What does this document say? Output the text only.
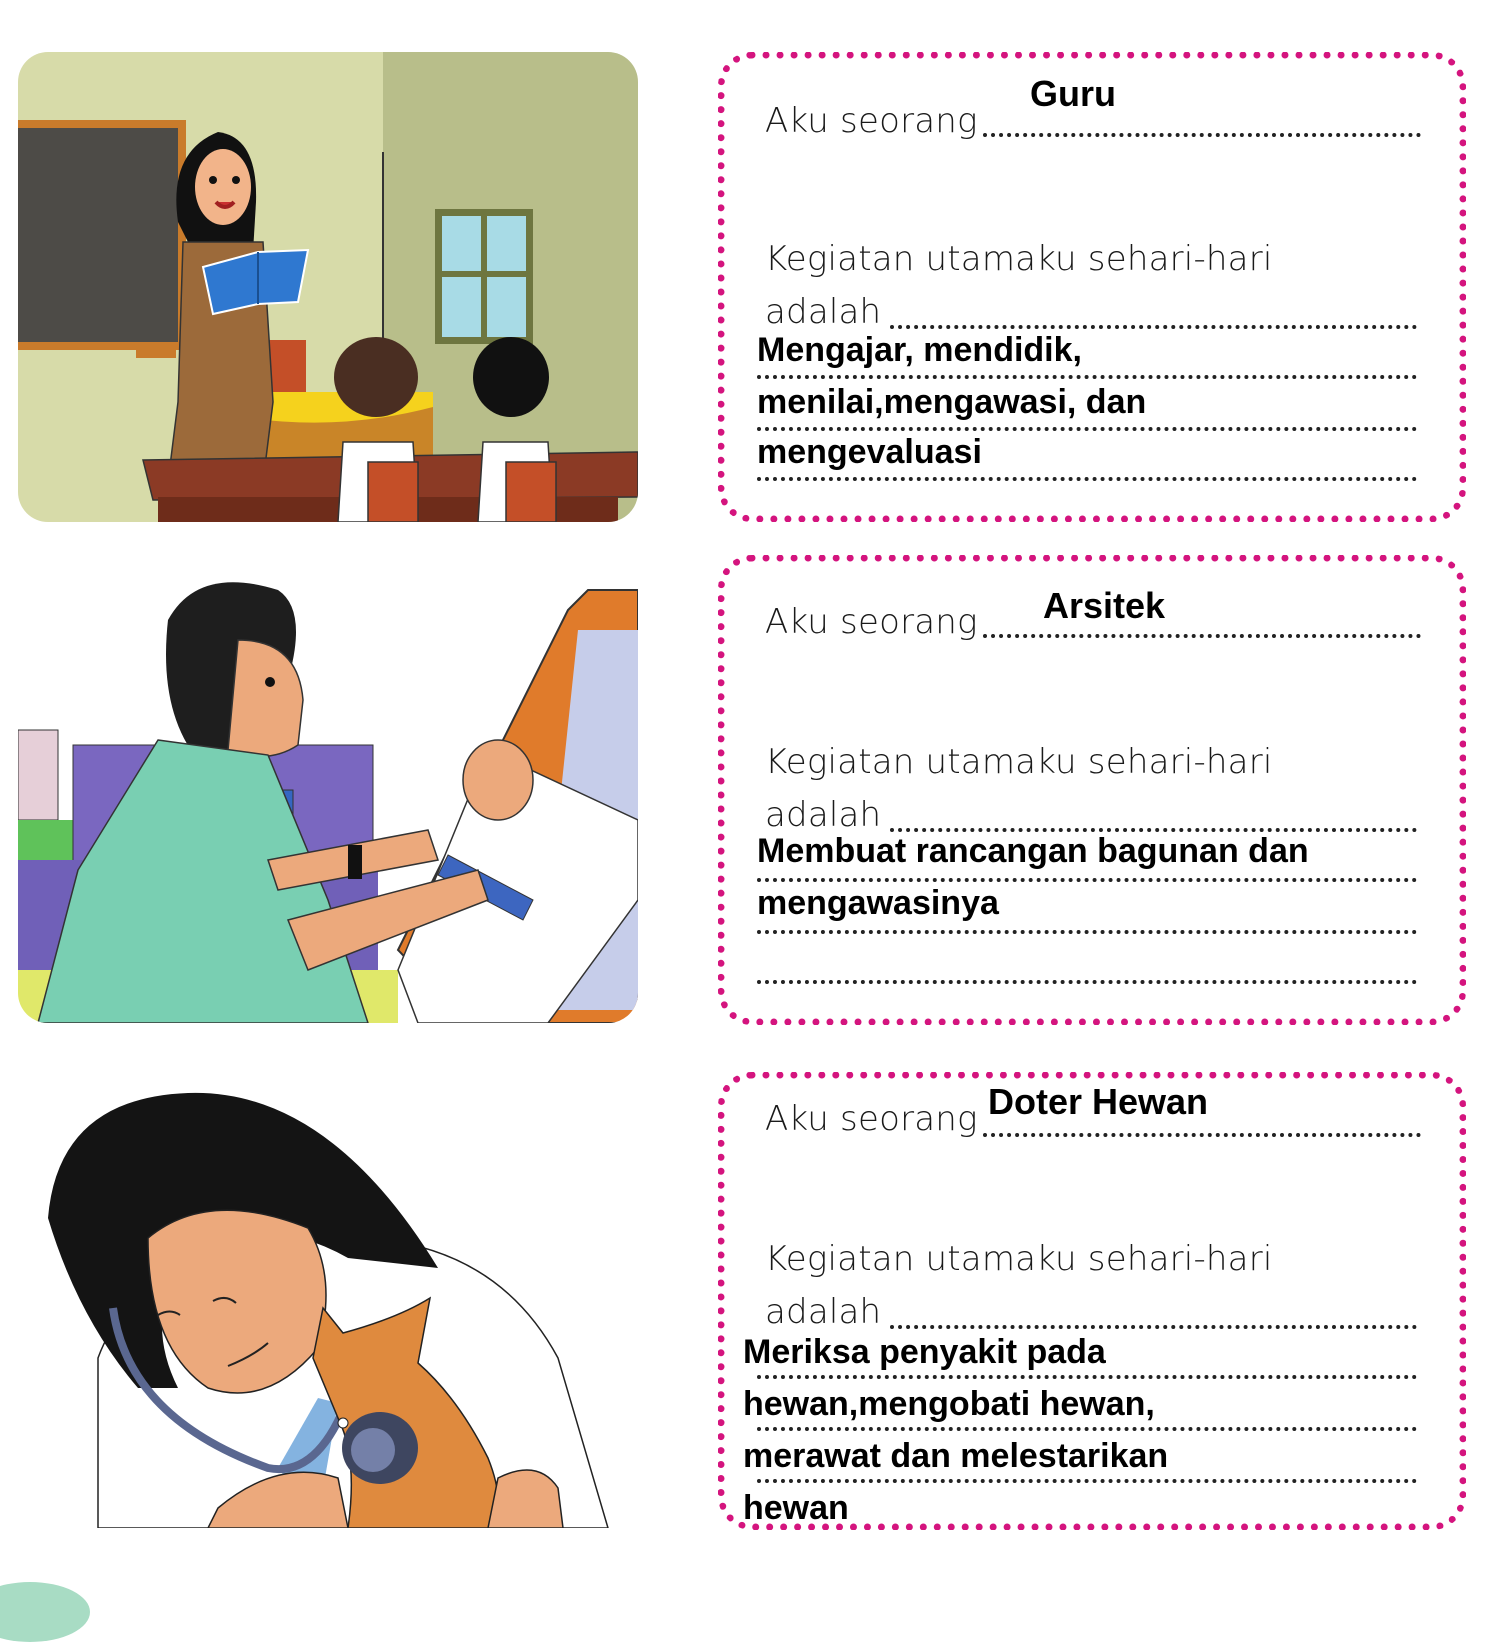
Guru
Aku seorang
Kegiatan utamaku sehari-hari
adalah
Mengajar, mendidik,
menilai,mengawasi, dan
mengevaluasi
Arsitek
Aku seorang
Kegiatan utamaku sehari-hari
adalah
Membuat rancangan bagunan dan
mengawasinya
Doter Hewan
Aku seorang
Kegiatan utamaku sehari-hari
adalah
Meriksa penyakit pada
hewan,mengobati hewan,
merawat dan melestarikan
hewan
